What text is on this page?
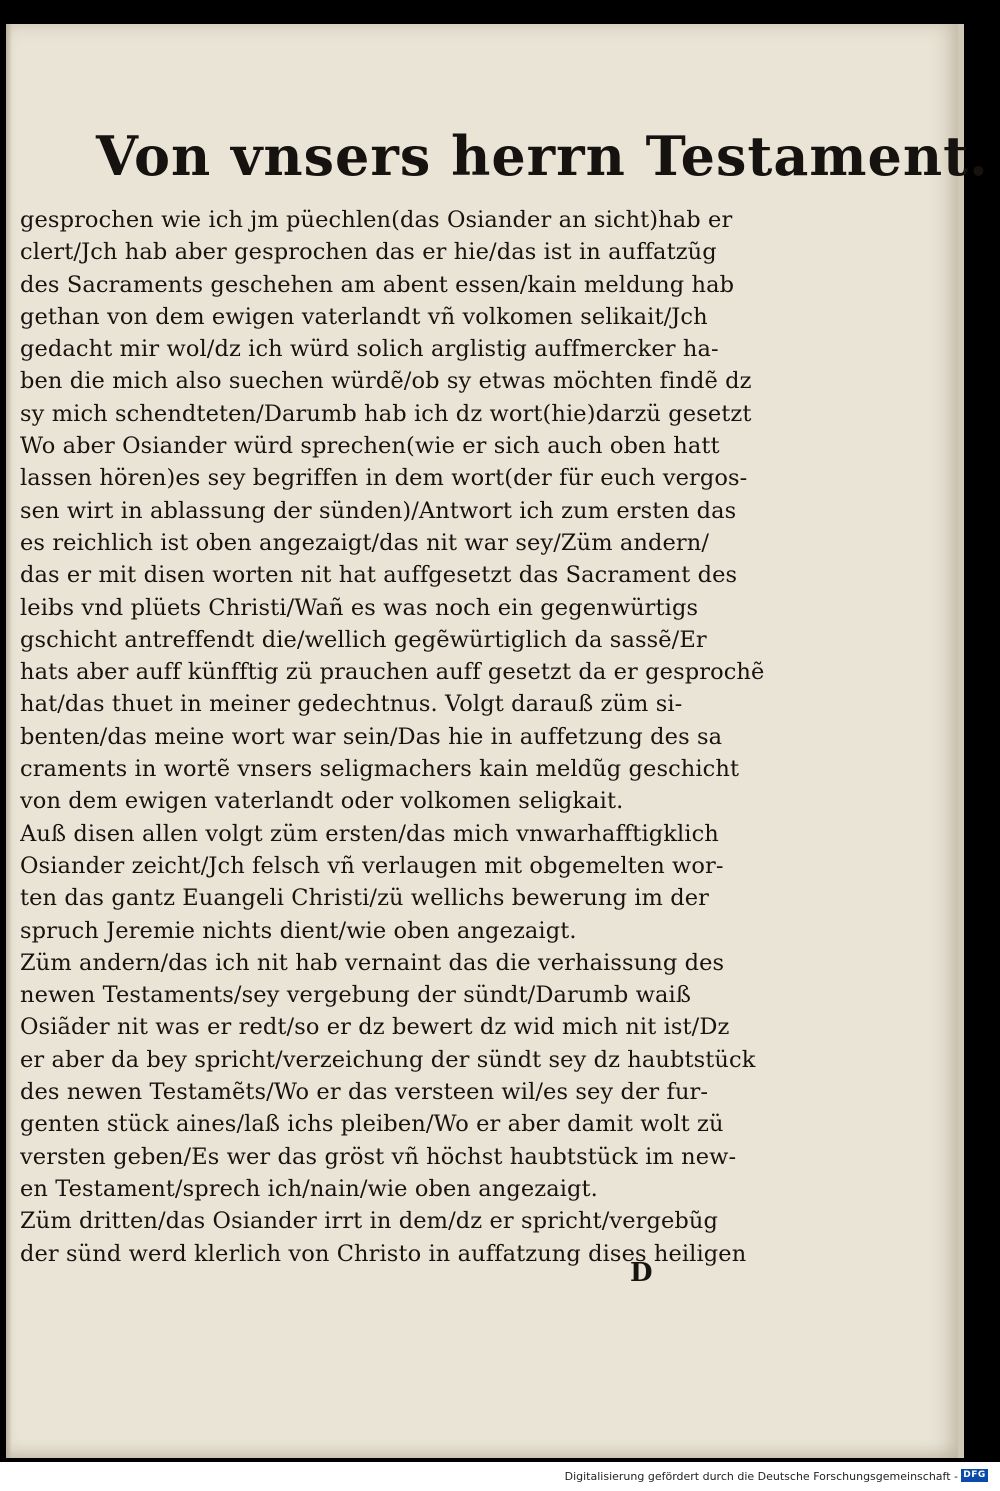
Von vnsers herrn Testament.
gesprochen wie ich jm püechlen(das Osiander an sicht)hab er
clert/Jch hab aber gesprochen das er hie/das ist in auffatzũg
des Sacraments geschehen am abent essen/kain meldung hab
gethan von dem ewigen vaterlandt vñ volkomen selikait/Jch
gedacht mir wol/dz ich würd solich arglistig auffmercker ha-
ben die mich also suechen würdẽ/ob sy etwas möchten findẽ dz
sy mich schendteten/Darumb hab ich dz wort(hie)darzü gesetzt
Wo aber Osiander würd sprechen(wie er sich auch oben hatt
lassen hören)es sey begriffen in dem wort(der für euch vergos-
sen wirt in ablassung der sünden)/Antwort ich zum ersten das
es reichlich ist oben angezaigt/das nit war sey/Züm andern/
das er mit disen worten nit hat auffgesetzt das Sacrament des
leibs vnd plüets Christi/Wañ es was noch ein gegenwürtigs
gschicht antreffendt die/wellich gegẽwürtiglich da sassẽ/Er
hats aber auff künfftig zü prauchen auff gesetzt da er gesprochẽ
hat/das thuet in meiner gedechtnus. Volgt darauß züm si-
benten/das meine wort war sein/Das hie in auffetzung des sa
craments in wortẽ vnsers seligmachers kain meldũg geschicht
von dem ewigen vaterlandt oder volkomen seligkait.
Auß disen allen volgt züm ersten/das mich vnwarhafftigklich
Osiander zeicht/Jch felsch vñ verlaugen mit obgemelten wor-
ten das gantz Euangeli Christi/zü wellichs bewerung im der
spruch Jeremie nichts dient/wie oben angezaigt.
Züm andern/das ich nit hab vernaint das die verhaissung des
newen Testaments/sey vergebung der sündt/Darumb waiß
Osiãder nit was er redt/so er dz bewert dz wid mich nit ist/Dz
er aber da bey spricht/verzeichung der sündt sey dz haubtstück
des newen Testamẽts/Wo er das versteen wil/es sey der fur-
genten stück aines/laß ichs pleiben/Wo er aber damit wolt zü
versten geben/Es wer das gröst vñ höchst haubtstück im new-
en Testament/sprech ich/nain/wie oben angezaigt.
Züm dritten/das Osiander irrt in dem/dz er spricht/vergebũg
der sünd werd klerlich von Christo in auffatzung dises heiligen
D
Digitalisierung gefördert durch die Deutsche Forschungsgemeinschaft - DFG
